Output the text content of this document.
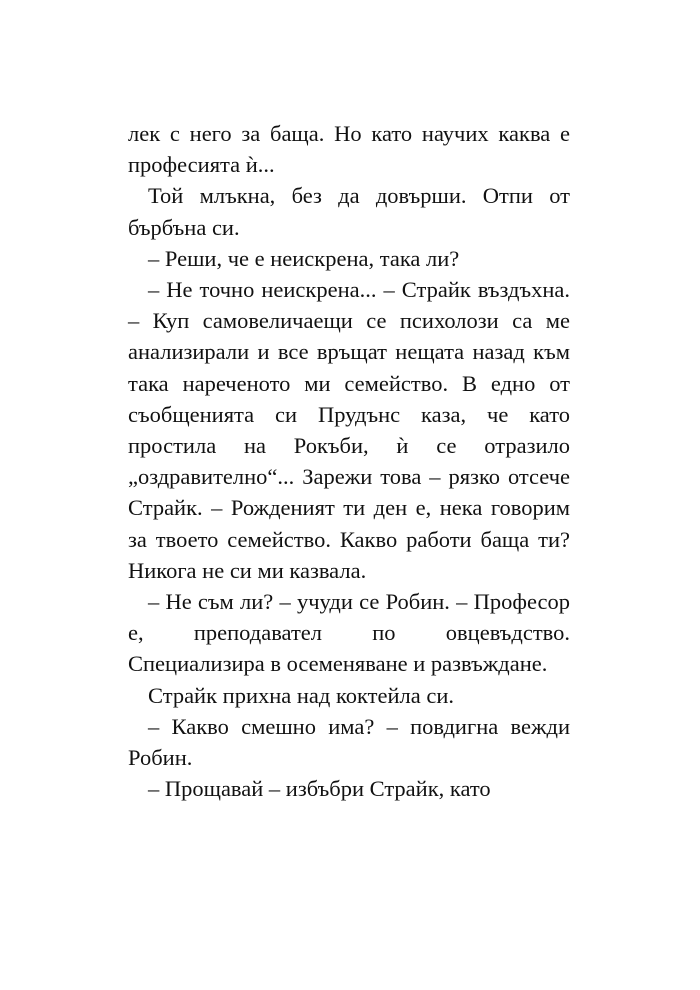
лек с него за баща. Но като научих каква е професията ѝ...

Той млъкна, без да довърши. Отпи от бърбъна си.

– Реши, че е неискрена, така ли?

– Не точно неискрена... – Страйк въздъхна. – Куп самовеличаещи се психолози са ме анализирали и все връщат нещата назад към така нареченото ми семейство. В едно от съобщенията си Прудънс каза, че като простила на Рокъби, ѝ се отразило „оздравително“... Зарежи това – рязко отсече Страйк. – Рожденият ти ден е, нека говорим за твоето семейство. Какво работи баща ти? Никога не си ми казвала.

– Не съм ли? – учуди се Робин. – Професор е, преподавател по овцевъдство. Специализира в осеменяване и развъждане.

Страйк прихна над коктейла си.

– Какво смешно има? – повдигна вежди Робин.

– Прощавай – избъбри Страйк, като
